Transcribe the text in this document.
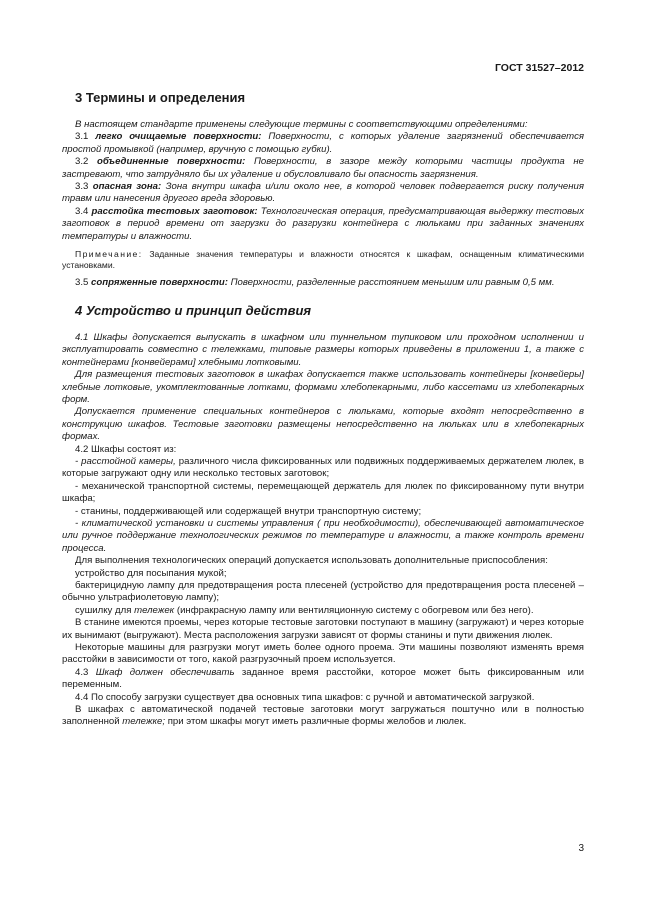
ГОСТ 31527–2012
3 Термины и определения

В настоящем стандарте применены следующие термины с соответствующими определениями:

3.1 легко очищаемые поверхности: Поверхности, с которых удаление загрязнений обеспечивается простой промывкой (например, вручную с помощью губки).

3.2 объединенные поверхности: Поверхности, в зазоре между которыми частицы продукта не застревают, что затрудняло бы их удаление и обусловливало бы опасность загрязнения.

3.3 опасная зона: Зона внутри шкафа и/или около нее, в которой человек подвергается риску получения травм или нанесения другого вреда здоровью.

3.4 расстойка тестовых заготовок: Технологическая операция, предусматривающая выдержку тестовых заготовок в период времени от загрузки до разгрузки контейнера с люльками при заданных значениях температуры и влажности.

Примечание: Заданные значения температуры и влажности относятся к шкафам, оснащенным климатическими установками.

3.5 сопряженные поверхности: Поверхности, разделенные расстоянием меньшим или равным 0,5 мм.

4 Устройство и принцип действия

4.1 Шкафы допускается выпускать в шкафном или туннельном тупиковом или проходном исполнении и эксплуатировать совместно с тележками, типовые размеры которых приведены в приложении 1, а также с контейнерами [конвейерами] хлебными лотковыми.

Для размещения тестовых заготовок в шкафах допускается также использовать контейнеры [конвейеры] хлебные лотковые, укомплектованные лотками, формами хлебопекарными, либо кассетами из хлебопекарных форм.

Допускается применение специальных контейнеров с люльками, которые входят непосредственно в конструкцию шкафов. Тестовые заготовки размещены непосредственно на люльках или в хлебопекарных формах.

4.2 Шкафы состоят из:

- расстойной камеры, различного числа фиксированных или подвижных поддерживаемых держателем люлек, в которые загружают одну или несколько тестовых заготовок;

- механической транспортной системы, перемещающей держатель для люлек по фиксированному пути внутри шкафа;

- станины, поддерживающей или содержащей внутри транспортную систему;

- климатической установки и системы управления ( при необходимости), обеспечивающей автоматическое или ручное поддержание технологических режимов по температуре и влажности, а также контроль времени процесса.

Для выполнения технологических операций допускается использовать дополнительные приспособления:

устройство для посыпания мукой;

бактерицидную лампу для предотвращения роста плесеней (устройство для предотвращения роста плесеней – обычно ультрафиолетовую лампу);

сушилку для тележек (инфракрасную лампу или вентиляционную систему с обогревом или без него).

В станине имеются проемы, через которые тестовые заготовки поступают в машину (загружают) и через которые их вынимают (выгружают). Места расположения загрузки зависят от формы станины и пути движения люлек.

Некоторые машины для разгрузки могут иметь более одного проема. Эти машины позволяют изменять время расстойки в зависимости от того, какой разгрузочный проем используется.

4.3 Шкаф должен обеспечивать заданное время расстойки, которое может быть фиксированным или переменным.

4.4 По способу загрузки существует два основных типа шкафов: с ручной и автоматической загрузкой.

В шкафах с автоматической подачей тестовые заготовки могут загружаться поштучно или в полностью заполненной тележке; при этом шкафы могут иметь различные формы желобов и люлек.

3
